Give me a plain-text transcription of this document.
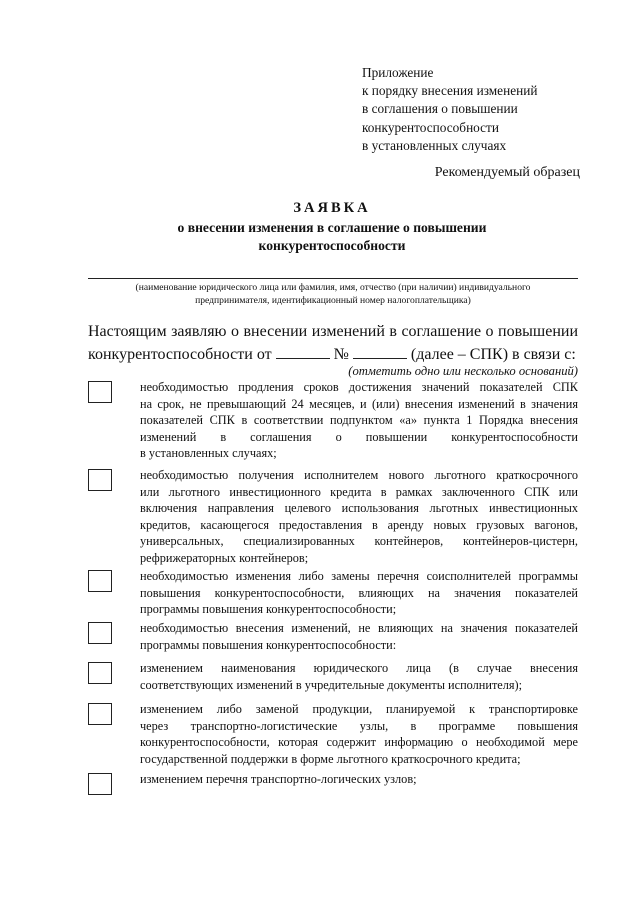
Приложение
к порядку внесения изменений
в соглашения о повышении
конкурентоспособности
в установленных случаях
Рекомендуемый образец
ЗАЯВКА
о внесении изменения в соглашение о повышении
конкурентоспособности
(наименование юридического лица или фамилия, имя, отчество (при наличии) индивидуального
предпринимателя, идентификационный номер налогоплательщика)
Настоящим заявляю о внесении изменений в соглашение о повышении
конкурентоспособности от	№	(далее – СПК) в связи с:
(отметить одно или несколько оснований)
необходимостью продления сроков достижения значений показателей СПК
на срок, не превышающий 24 месяцев, и (или) внесения изменений в значения
показателей СПК в соответствии подпунктом «а» пункта 1 Порядка внесения
изменений в соглашения о повышении конкурентоспособности
в установленных случаях;
необходимостью получения исполнителем нового льготного краткосрочного
или льготного инвестиционного кредита в рамках заключенного СПК или
включения направления целевого использования льготных инвестиционных
кредитов, касающегося предоставления в аренду новых грузовых вагонов,
универсальных, специализированных контейнеров, контейнеров-цистерн,
рефрижераторных контейнеров;
необходимостью изменения либо замены перечня соисполнителей программы
повышения конкурентоспособности, влияющих на значения показателей
программы повышения конкурентоспособности;
необходимостью внесения изменений, не влияющих на значения показателей
программы повышения конкурентоспособности:
изменением наименования юридического лица (в случае внесения
соответствующих изменений в учредительные документы исполнителя);
изменением либо заменой продукции, планируемой к транспортировке
через транспортно-логистические узлы, в программе повышения
конкурентоспособности, которая содержит информацию о необходимой мере
государственной поддержки в форме льготного краткосрочного кредита;
изменением перечня транспортно-логических узлов;
